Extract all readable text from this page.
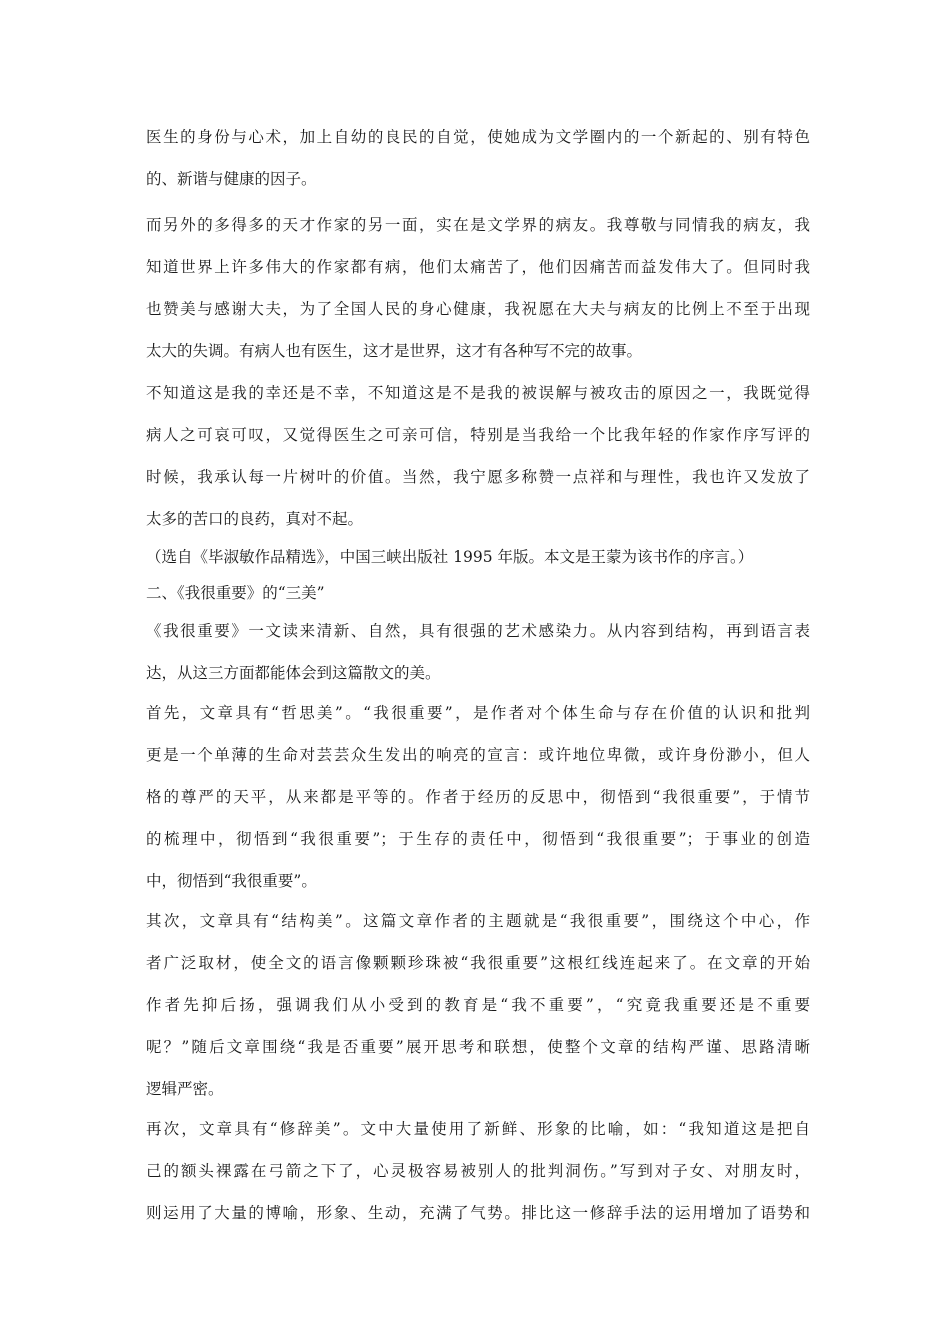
医生的身份与心术，加上自幼的良民的自觉，使她成为文学圈内的一个新起的、别有特色
的、新谐与健康的因子。
而另外的多得多的天才作家的另一面，实在是文学界的病友。我尊敬与同情我的病友，我
知道世界上许多伟大的作家都有病，他们太痛苦了，他们因痛苦而益发伟大了。但同时我
也赞美与感谢大夫，为了全国人民的身心健康，我祝愿在大夫与病友的比例上不至于出现
太大的失调。有病人也有医生，这才是世界，这才有各种写不完的故事。
不知道这是我的幸还是不幸，不知道这是不是我的被误解与被攻击的原因之一，我既觉得
病人之可哀可叹，又觉得医生之可亲可信，特别是当我给一个比我年轻的作家作序写评的
时候，我承认每一片树叶的价值。当然，我宁愿多称赞一点祥和与理性，我也许又发放了
太多的苦口的良药，真对不起。
（选自《毕淑敏作品精选》，中国三峡出版社 1995 年版。本文是王蒙为该书作的序言。）
二、《我很重要》的“三美”
《我很重要》一文读来清新、自然，具有很强的艺术感染力。从内容到结构，再到语言表
达，从这三方面都能体会到这篇散文的美。
首先，文章具有“哲思美”。“我很重要”，是作者对个体生命与存在价值的认识和批判
更是一个单薄的生命对芸芸众生发出的响亮的宣言：或许地位卑微，或许身份渺小，但人
格的尊严的天平，从来都是平等的。作者于经历的反思中，彻悟到“我很重要”，于情节
的梳理中，彻悟到“我很重要”；于生存的责任中，彻悟到“我很重要”；于事业的创造
中，彻悟到“我很重要”。
其次，文章具有“结构美”。这篇文章作者的主题就是“我很重要”，围绕这个中心，作
者广泛取材，使全文的语言像颗颗珍珠被“我很重要”这根红线连起来了。在文章的开始
作者先抑后扬，强调我们从小受到的教育是“我不重要”，“究竟我重要还是不重要
呢？”随后文章围绕“我是否重要”展开思考和联想，使整个文章的结构严谨、思路清晰
逻辑严密。
再次，文章具有“修辞美”。文中大量使用了新鲜、形象的比喻，如：“我知道这是把自
己的额头裸露在弓箭之下了，心灵极容易被别人的批判洞伤。”写到对子女、对朋友时，
则运用了大量的博喻，形象、生动，充满了气势。排比这一修辞手法的运用增加了语势和
